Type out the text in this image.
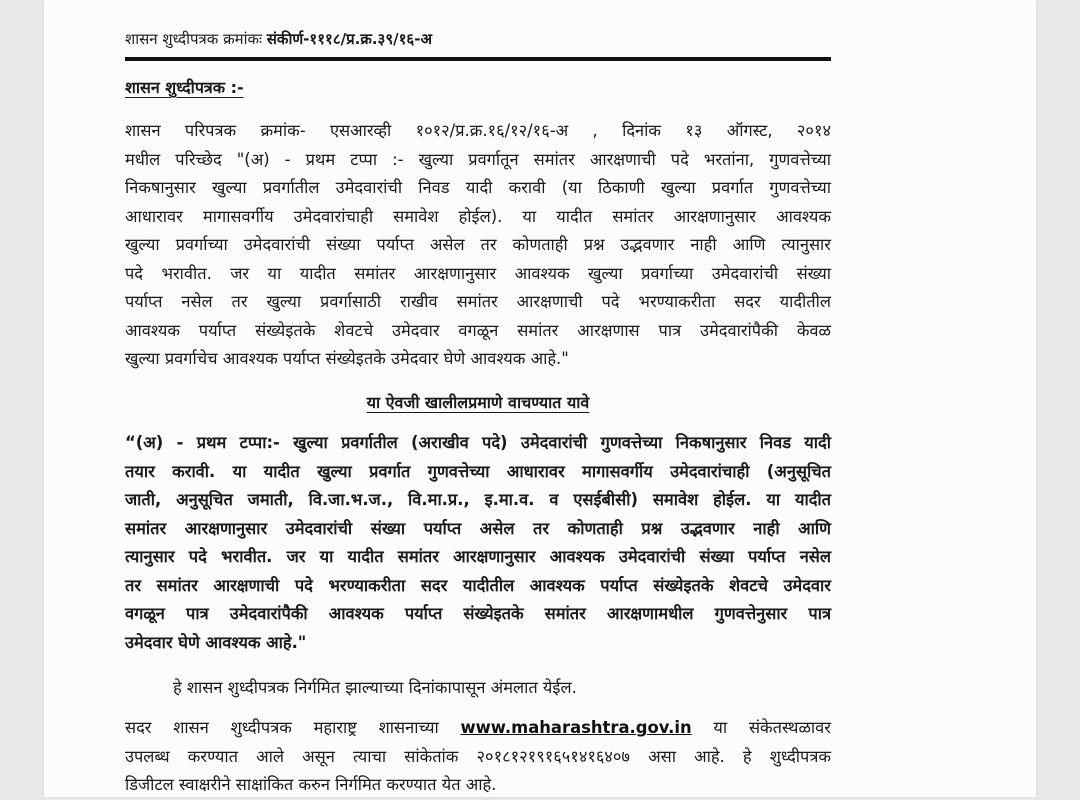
शासन शुध्दीपत्रक क्रमांकः संकीर्ण-१११८/प्र.क्र.३९/१६-अ
शासन शुध्दीपत्रक :-
शासन परिपत्रक क्रमांक- एसआरव्ही १०१२/प्र.क्र.१६/१२/१६-अ , दिनांक १३ ऑगस्ट, २०१४
मधील परिच्छेद "(अ) - प्रथम टप्पा :- खुल्या प्रवर्गातून समांतर आरक्षणाची पदे भरतांना, गुणवत्तेच्या
निकषानुसार खुल्या प्रवर्गातील उमेदवारांची निवड यादी करावी (या ठिकाणी खुल्या प्रवर्गात गुणवत्तेच्या
आधारावर मागासवर्गीय उमेदवारांचाही समावेश होईल). या यादीत समांतर आरक्षणानुसार आवश्यक
खुल्या प्रवर्गाच्या उमेदवारांची संख्या पर्याप्त असेल तर कोणताही प्रश्न उद्भवणार नाही आणि त्यानुसार
पदे भरावीत. जर या यादीत समांतर आरक्षणानुसार आवश्यक खुल्या प्रवर्गाच्या उमेदवारांची संख्या
पर्याप्त नसेल तर खुल्या प्रवर्गासाठी राखीव समांतर आरक्षणाची पदे भरण्याकरीता सदर यादीतील
आवश्यक पर्याप्त संख्येइतके शेवटचे उमेदवार वगळून समांतर आरक्षणास पात्र उमेदवारांपैकी केवळ
खुल्या प्रवर्गाचेच आवश्यक पर्याप्त संख्येइतके उमेदवार घेणे आवश्यक आहे."
या ऐवजी खालीलप्रमाणे वाचण्यात यावे
“(अ) - प्रथम टप्पा:- खुल्या प्रवर्गातील (अराखीव पदे) उमेदवारांची गुणवत्तेच्या निकषानुसार निवड यादी
तयार करावी. या यादीत खुल्या प्रवर्गात गुणवत्तेच्या आधारावर मागासवर्गीय उमेदवारांचाही (अनुसूचित
जाती, अनुसूचित जमाती, वि.जा.भ.ज., वि.मा.प्र., इ.मा.व. व एसईबीसी) समावेश होईल. या यादीत
समांतर आरक्षणानुसार उमेदवारांची संख्या पर्याप्त असेल तर कोणताही प्रश्न उद्भवणार नाही आणि
त्यानुसार पदे भरावीत. जर या यादीत समांतर आरक्षणानुसार आवश्यक उमेदवारांची संख्या पर्याप्त नसेल
तर समांतर आरक्षणाची पदे भरण्याकरीता सदर यादीतील आवश्यक पर्याप्त संख्येइतके शेवटचे उमेदवार
वगळून पात्र उमेदवारांपैकी आवश्यक पर्याप्त संख्येइतके समांतर आरक्षणामधील गुणवत्तेनुसार पात्र
उमेदवार घेणे आवश्यक आहे."
हे शासन शुध्दीपत्रक निर्गमित झाल्याच्या दिनांकापासून अंमलात येईल.
सदर शासन शुध्दीपत्रक महाराष्ट्र शासनाच्या www.maharashtra.gov.in या संकेतस्थळावर
उपलब्ध करण्यात आले असून त्याचा सांकेतांक २०१८१२१९१६५१४१६४०७ असा आहे. हे शुध्दीपत्रक
डिजीटल स्वाक्षरीने साक्षांकित करुन निर्गमित करण्यात येत आहे.
